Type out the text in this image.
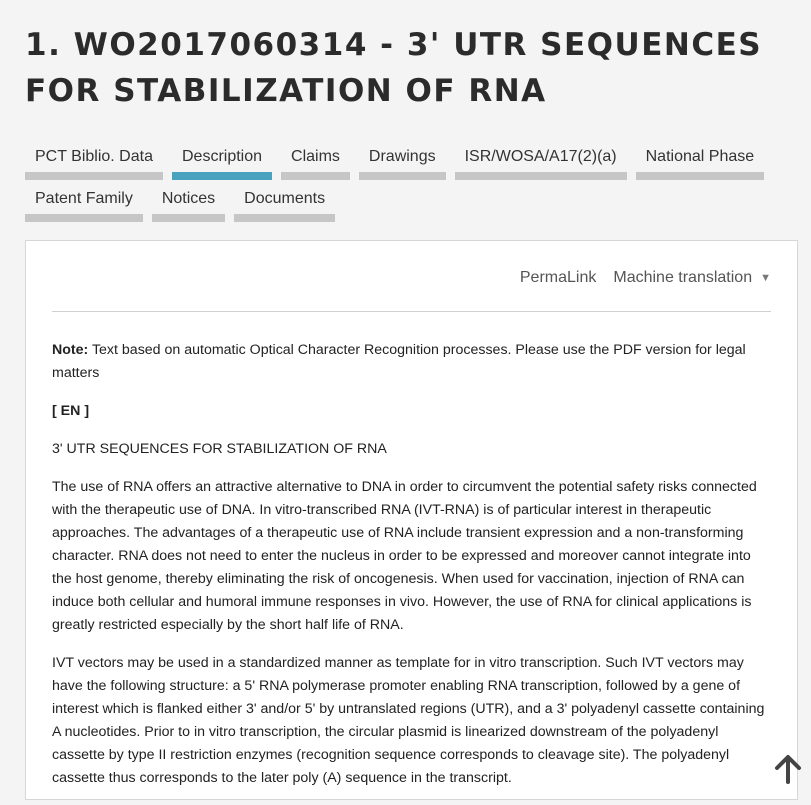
1. WO2017060314 - 3' UTR SEQUENCES FOR STABILIZATION OF RNA
PCT Biblio. Data	Description	Claims	Drawings	ISR/WOSA/A17(2)(a)	National Phase
Patent Family	Notices	Documents
PermaLink Machine translation ▼

Note: Text based on automatic Optical Character Recognition processes. Please use the PDF version for legal matters

[ EN ]

3' UTR SEQUENCES FOR STABILIZATION OF RNA

The use of RNA offers an attractive alternative to DNA in order to circumvent the potential safety risks connected with the therapeutic use of DNA. In vitro-transcribed RNA (IVT-RNA) is of particular interest in therapeutic approaches. The advantages of a therapeutic use of RNA include transient expression and a non-transforming character. RNA does not need to enter the nucleus in order to be expressed and moreover cannot integrate into the host genome, thereby eliminating the risk of oncogenesis. When used for vaccination, injection of RNA can induce both cellular and humoral immune responses in vivo. However, the use of RNA for clinical applications is greatly restricted especially by the short half life of RNA.

IVT vectors may be used in a standardized manner as template for in vitro transcription. Such IVT vectors may have the following structure: a 5' RNA polymerase promoter enabling RNA transcription, followed by a gene of interest which is flanked either 3' and/or 5' by untranslated regions (UTR), and a 3' polyadenyl cassette containing A nucleotides. Prior to in vitro transcription, the circular plasmid is linearized downstream of the polyadenyl cassette by type II restriction enzymes (recognition sequence corresponds to cleavage site). The polyadenyl cassette thus corresponds to the later poly (A) sequence in the transcript.
